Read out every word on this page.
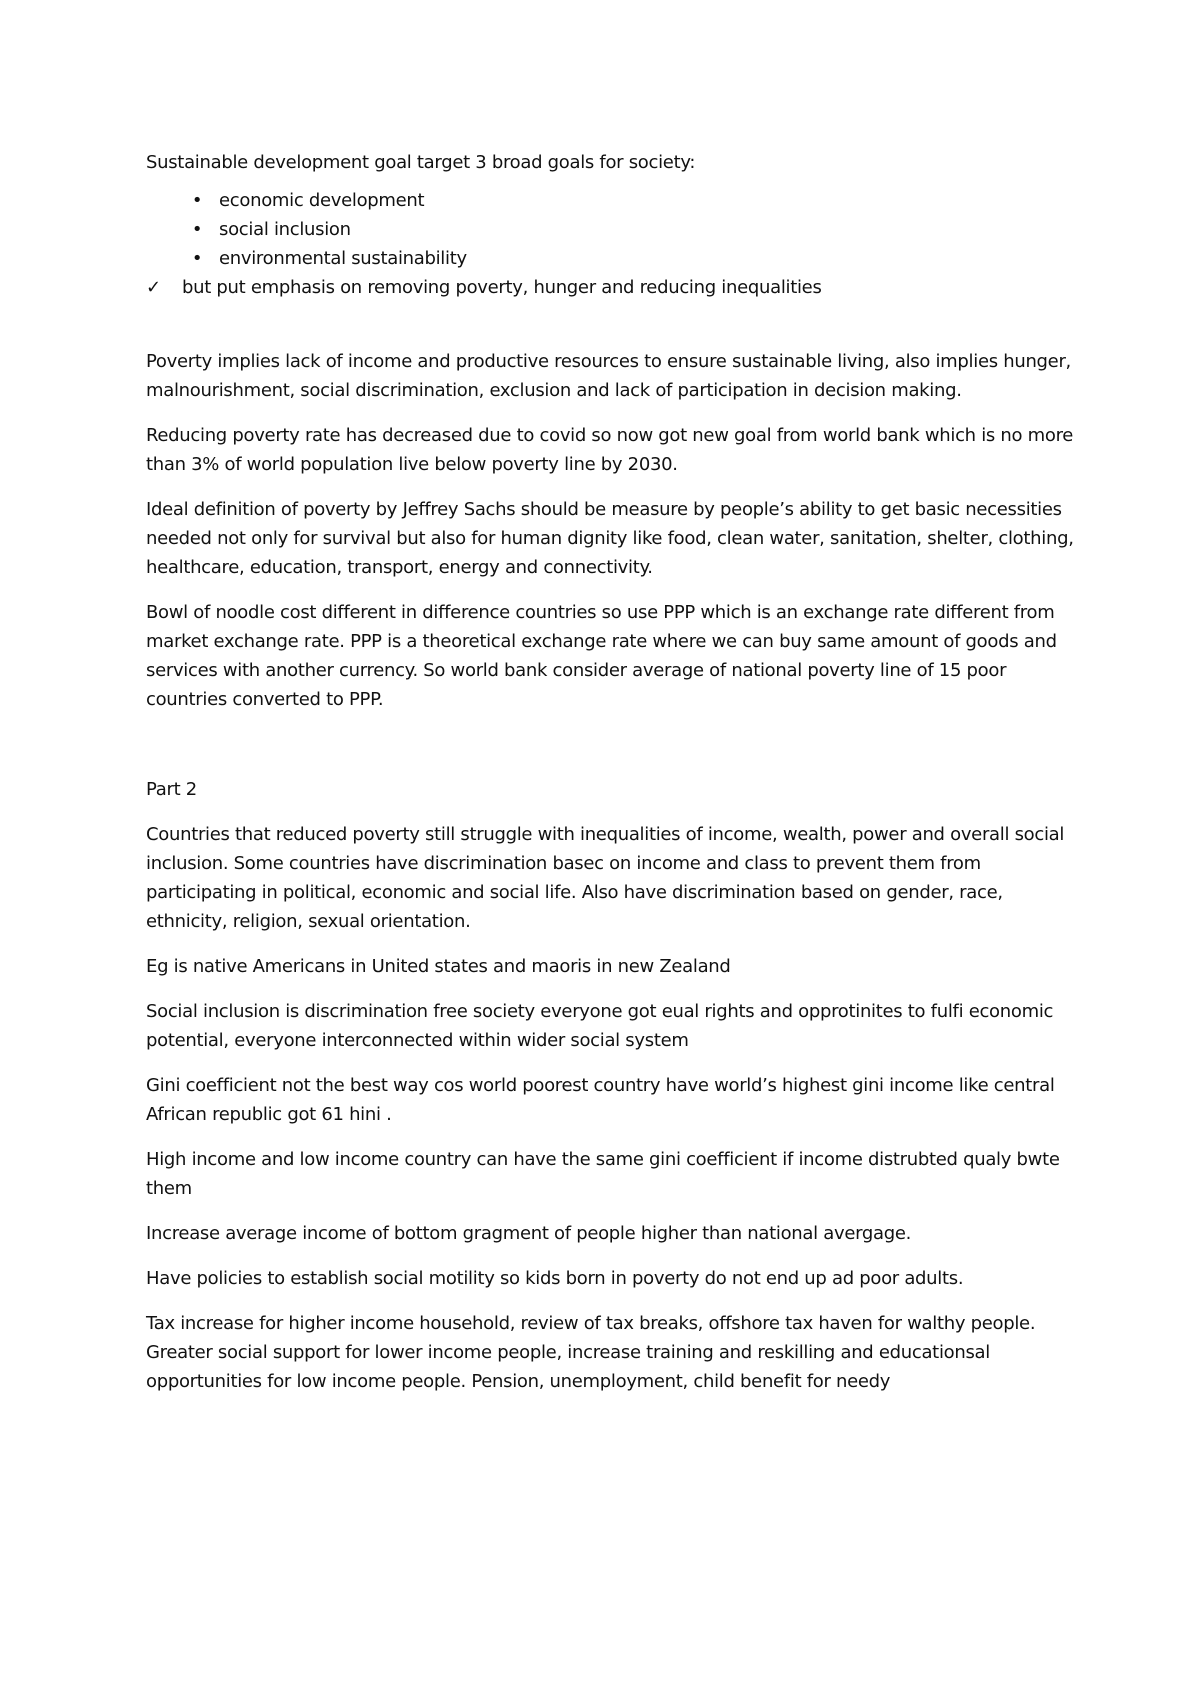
Sustainable development goal target 3 broad goals for society:

• economic development
• social inclusion
• environmental sustainability
✓	but put emphasis on removing poverty, hunger and reducing inequalities

Poverty implies lack of income and productive resources to ensure sustainable living, also implies hunger, malnourishment, social discrimination, exclusion and lack of participation in decision making.

Reducing poverty rate has decreased due to covid so now got new goal from world bank which is no more than 3% of world population live below poverty line by 2030.

Ideal definition of poverty by Jeffrey Sachs should be measure by people’s ability to get basic necessities needed not only for survival but also for human dignity like food, clean water, sanitation, shelter, clothing, healthcare, education, transport, energy and connectivity.

Bowl of noodle cost different in difference countries so use PPP which is an exchange rate different from market exchange rate. PPP is a theoretical exchange rate where we can buy same amount of goods and services with another currency. So world bank consider average of national poverty line of 15 poor countries converted to PPP.

Part 2

Countries that reduced poverty still struggle with inequalities of income, wealth, power and overall social inclusion. Some countries have discrimination basec on income and class to prevent them from participating in political, economic and social life. Also have discrimination based on gender, race, ethnicity, religion, sexual orientation.

Eg is native Americans in United states and maoris in new Zealand

Social inclusion is discrimination free society everyone got eual rights and opprotinites to fulfi economic potential, everyone interconnected within wider social system

Gini coefficient not the best way cos world poorest country have world’s highest gini income like central African republic got 61 hini .

High income and low income country can have the same gini coefficient if income distrubted qualy bwte them

Increase average income of bottom gragment of people higher than national avergage.

Have policies to establish social motility so kids born in poverty do not end up ad poor adults.

Tax increase for higher income household, review of tax breaks, offshore tax haven for walthy people. Greater social support for lower income people, increase training and reskilling and educationsal opportunities for low income people. Pension, unemployment, child benefit for needy
